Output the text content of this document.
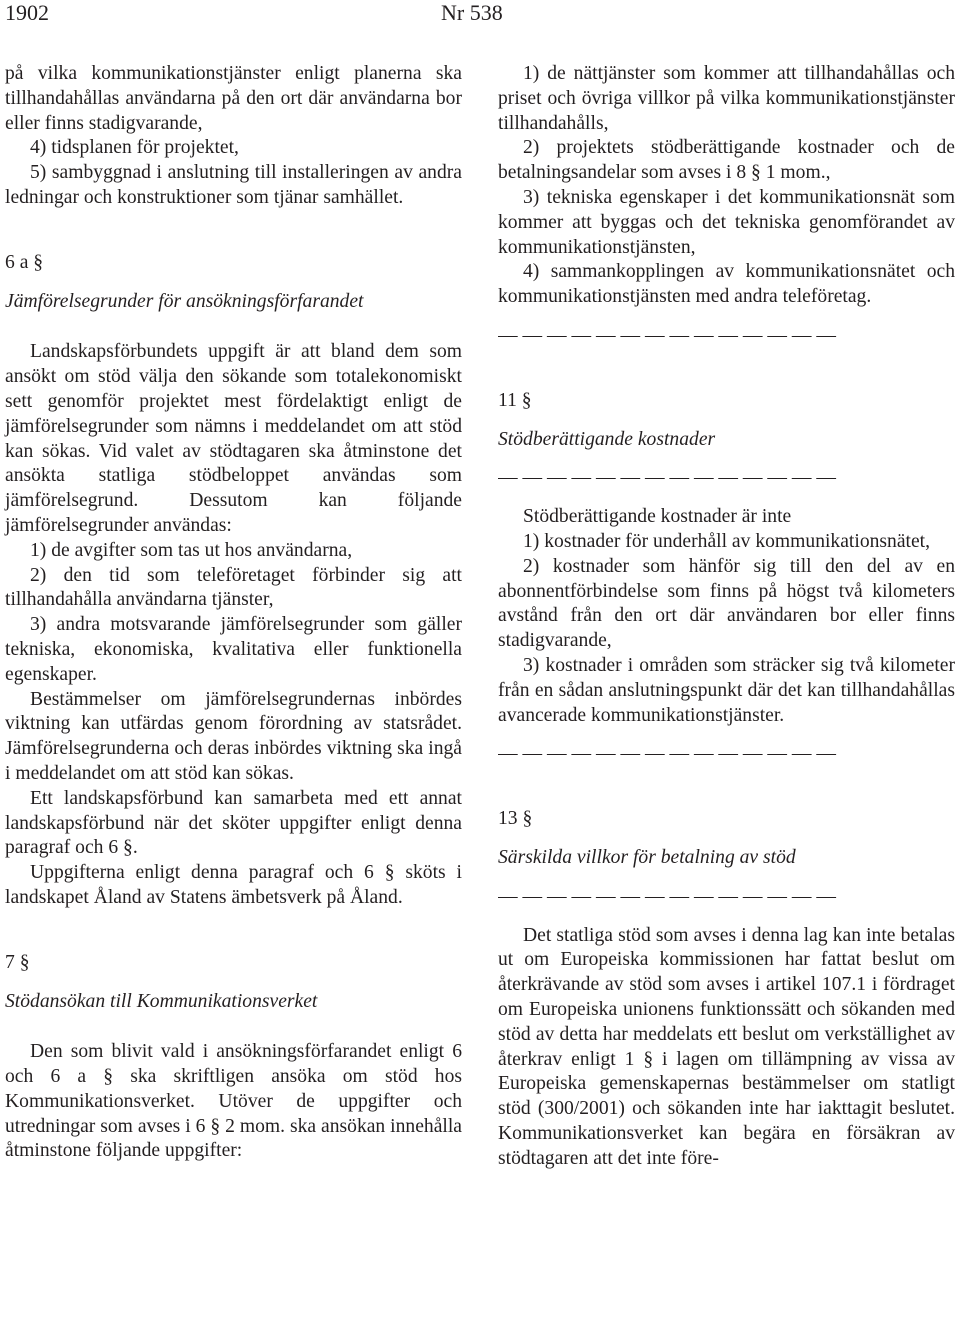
1902	Nr 538

på vilka kommunikationstjänster enligt planerna ska tillhandahållas användarna på den ort där användarna bor eller finns stadigvarande,

4) tidsplanen för projektet,

5) sambyggnad i anslutning till installeringen av andra ledningar och konstruktioner som tjänar samhället.

6 a §

Jämförelsegrunder för ansökningsförfarandet

Landskapsförbundets uppgift är att bland dem som ansökt om stöd välja den sökande som totalekonomiskt sett genomför projektet mest fördelaktigt enligt de jämförelsegrunder som nämns i meddelandet om att stöd kan sökas. Vid valet av stödtagaren ska åtminstone det ansökta statliga stödbeloppet användas som jämförelsegrund. Dessutom kan följande jämförelsegrunder användas:

1) de avgifter som tas ut hos användarna,

2) den tid som teleföretaget förbinder sig att tillhandahålla användarna tjänster,

3) andra motsvarande jämförelsegrunder som gäller tekniska, ekonomiska, kvalitativa eller funktionella egenskaper.

Bestämmelser om jämförelsegrundernas inbördes viktning kan utfärdas genom förordning av statsrådet. Jämförelsegrunderna och deras inbördes viktning ska ingå i meddelandet om att stöd kan sökas.

Ett landskapsförbund kan samarbeta med ett annat landskapsförbund när det sköter uppgifter enligt denna paragraf och 6 §.

Uppgifterna enligt denna paragraf och 6 § sköts i landskapet Åland av Statens ämbetsverk på Åland.

7 §

Stödansökan till Kommunikationsverket

Den som blivit vald i ansökningsförfarandet enligt 6 och 6 a § ska skriftligen ansöka om stöd hos Kommunikationsverket. Utöver de uppgifter och utredningar som avses i 6 § 2 mom. ska ansökan innehålla åtminstone följande uppgifter:

1) de nättjänster som kommer att tillhandahållas och priset och övriga villkor på vilka kommunikationstjänster tillhandahålls,

2) projektets stödberättigande kostnader och de betalningsandelar som avses i 8 § 1 mom.,

3) tekniska egenskaper i det kommunikationsnät som kommer att byggas och det tekniska genomförandet av kommunikationstjänsten,

4) sammankopplingen av kommunikationsnätet och kommunikationstjänsten med andra teleföretag.

— — — — — — — — — — — — — —

11 §

Stödberättigande kostnader

— — — — — — — — — — — — — —

Stödberättigande kostnader är inte

1) kostnader för underhåll av kommunikationsnätet,

2) kostnader som hänför sig till den del av en abonnentförbindelse som finns på högst två kilometers avstånd från den ort där användaren bor eller finns stadigvarande,

3) kostnader i områden som sträcker sig två kilometer från en sådan anslutningspunkt där det kan tillhandahållas avancerade kommunikationstjänster.

— — — — — — — — — — — — — —

13 §

Särskilda villkor för betalning av stöd

— — — — — — — — — — — — — —

Det statliga stöd som avses i denna lag kan inte betalas ut om Europeiska kommissionen har fattat beslut om återkrävande av stöd som avses i artikel 107.1 i fördraget om Europeiska unionens funktionssätt och sökanden med stöd av detta har meddelats ett beslut om verkställighet av återkrav enligt 1 § i lagen om tillämpning av vissa av Europeiska gemenskapernas bestämmelser om statligt stöd (300/2001) och sökanden inte har iakttagit beslutet. Kommunikationsverket kan begära en försäkran av stödtagaren att det inte före-
